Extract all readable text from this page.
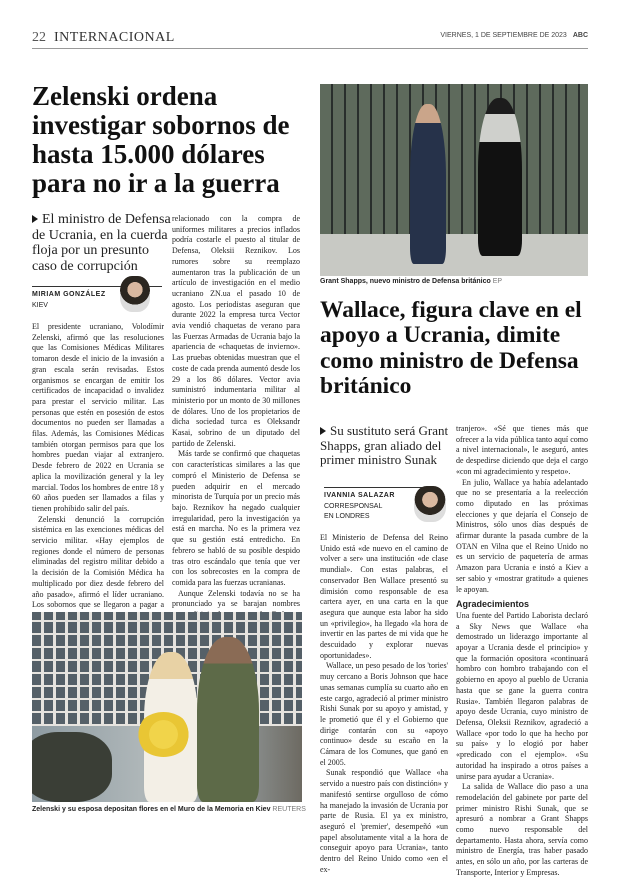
22 INTERNACIONAL	VIERNES, 1 DE SEPTIEMBRE DE 2023 ABC
Zelenski ordena investigar sobornos de hasta 15.000 dólares para no ir a la guerra
El ministro de Defensa de Ucrania, en la cuerda floja por un presunto caso de corrupción
MIRIAM GONZÁLEZ
KIEV

El presidente ucraniano, Volodímir Zelenski, afirmó que las resoluciones que las Comisiones Médicas Militares tomaron desde el inicio de la invasión a gran escala serán revisadas. Estos organismos se encargan de emitir los certificados de incapacidad o invalidez para prestar el servicio militar. Las personas que estén en posesión de estos documentos no pueden ser llamadas a filas. Además, las Comisiones Médicas también otorgan permisos para que los hombres puedan viajar al extranjero. Desde febrero de 2022 en Ucrania se aplica la movilización general y la ley marcial. Todos los hombres de entre 18 y 60 años pueden ser llamados a filas y tienen prohibido salir del país.

Zelenski denunció la corrupción sistémica en las exenciones médicas del servicio militar. «Hay ejemplos de regiones donde el número de personas eliminadas del registro militar debido a la decisión de la Comisión Médica ha multiplicado por diez desde febrero del año pasado», afirmó el líder ucraniano. Los sobornos que se llegaron a pagar a

relacionado con la compra de uniformes militares a precios inflados podría costarle el puesto al titular de Defensa, Oleksii Reznikov. Los rumores sobre su reemplazo aumentaron tras la publicación de un artículo de investigación en el medio ucraniano ZN.ua el pasado 10 de agosto. Los periodistas aseguran que durante 2022 la empresa turca Vector avia vendió chaquetas de verano para las Fuerzas Armadas de Ucrania bajo la apariencia de «chaquetas de invierno». Las pruebas obtenidas muestran que el coste de cada prenda aumentó desde los 29 a los 86 dólares. Vector avia suministró indumentaria militar al ministerio por un monto de 30 millones de dólares. Uno de los propietarios de dicha sociedad turca es Oleksandr Kasai, sobrino de un diputado del partido de Zelenski.

Más tarde se confirmó que chaquetas con características similares a las que compró el Ministerio de Defensa se pueden adquirir en el mercado minorista de Turquía por un precio más bajo. Reznikov ha negado cualquier irregularidad, pero la investigación ya está en marcha. No es la primera vez que su gestión está entredicho. En febrero se habló de su posible despido tras otro escándalo que tenía que ver con los sobrecostes en la compra de comida para las fuerzas ucranianas.

Aunque Zelenski todavía no se ha pronunciado ya se barajan nombres

Zelenski y su esposa depositan flores en el Muro de la Memoria en Kiev REUTERS
Grant Shapps, nuevo ministro de Defensa británico EP
Wallace, figura clave en el apoyo a Ucrania, dimite como ministro de Defensa británico
Su sustituto será Grant Shapps, gran aliado del primer ministro Sunak
IVANNIA SALAZAR
CORRESPONSAL
EN LONDRES

El Ministerio de Defensa del Reino Unido está «de nuevo en el camino de volver a ser» una institución «de clase mundial». Con estas palabras, el conservador Ben Wallace presentó su dimisión como responsable de esa cartera ayer, en una carta en la que asegura que aunque esta labor ha sido un «privilegio», ha llegado «la hora de invertir en las partes de mi vida que he descuidado y explorar nuevas oportunidades».

Wallace, un peso pesado de los 'tories' muy cercano a Boris Johnson que hace unas semanas cumplía su cuarto año en este cargo, agradeció al primer ministro Rishi Sunak por su apoyo y amistad, y le prometió que él y el Gobierno que dirige contarán con su «apoyo continuo» desde su escaño en la Cámara de los Comunes, que ganó en el 2005.

Sunak respondió que Wallace «ha servido a nuestro país con distinción» y manifestó sentirse orgulloso de cómo ha manejado la invasión de Ucrania por parte de Rusia. El ya ex ministro, aseguró el 'premier', desempeñó «un papel absolutamente vital a la hora de conseguir apoyo para Ucrania», tanto dentro del Reino Unido como «en el ex-

tranjero». «Sé que tienes más que ofrecer a la vida pública tanto aquí como a nivel internacional», le aseguró, antes de despedirse diciendo que deja el cargo «con mi agradecimiento y respeto».

En julio, Wallace ya había adelantado que no se presentaría a la reelección como diputado en las próximas elecciones y que dejaría el Consejo de Ministros, sólo unos días después de afirmar durante la pasada cumbre de la OTAN en Vilna que el Reino Unido no es un servicio de paquetería de armas Amazon para Ucrania e instó a Kiev a ser sabio y «mostrar gratitud» a quienes le apoyan.

Agradecimientos

Una fuente del Partido Laborista declaró a Sky News que Wallace «ha demostrado un liderazgo importante al apoyar a Ucrania desde el principio» y que la formación opositora «continuará hombro con hombro trabajando con el gobierno en apoyo al pueblo de Ucrania hasta que se gane la guerra contra Rusia». También llegaron palabras de apoyo desde Ucrania, cuyo ministro de Defensa, Oleksii Reznikov, agradeció a Wallace «por todo lo que ha hecho por su país» y lo elogió por haber «predicado con el ejemplo». «Su autoridad ha inspirado a otros países a unirse para ayudar a Ucrania».

La salida de Wallace dio paso a una remodelación del gabinete por parte del primer ministro Rishi Sunak, que se apresuró a nombrar a Grant Shapps como nuevo responsable del departamento. Hasta ahora, servía como ministro de Energía, tras haber pasado antes, en sólo un año, por las carteras de Transporte, Interior y Empresas.
